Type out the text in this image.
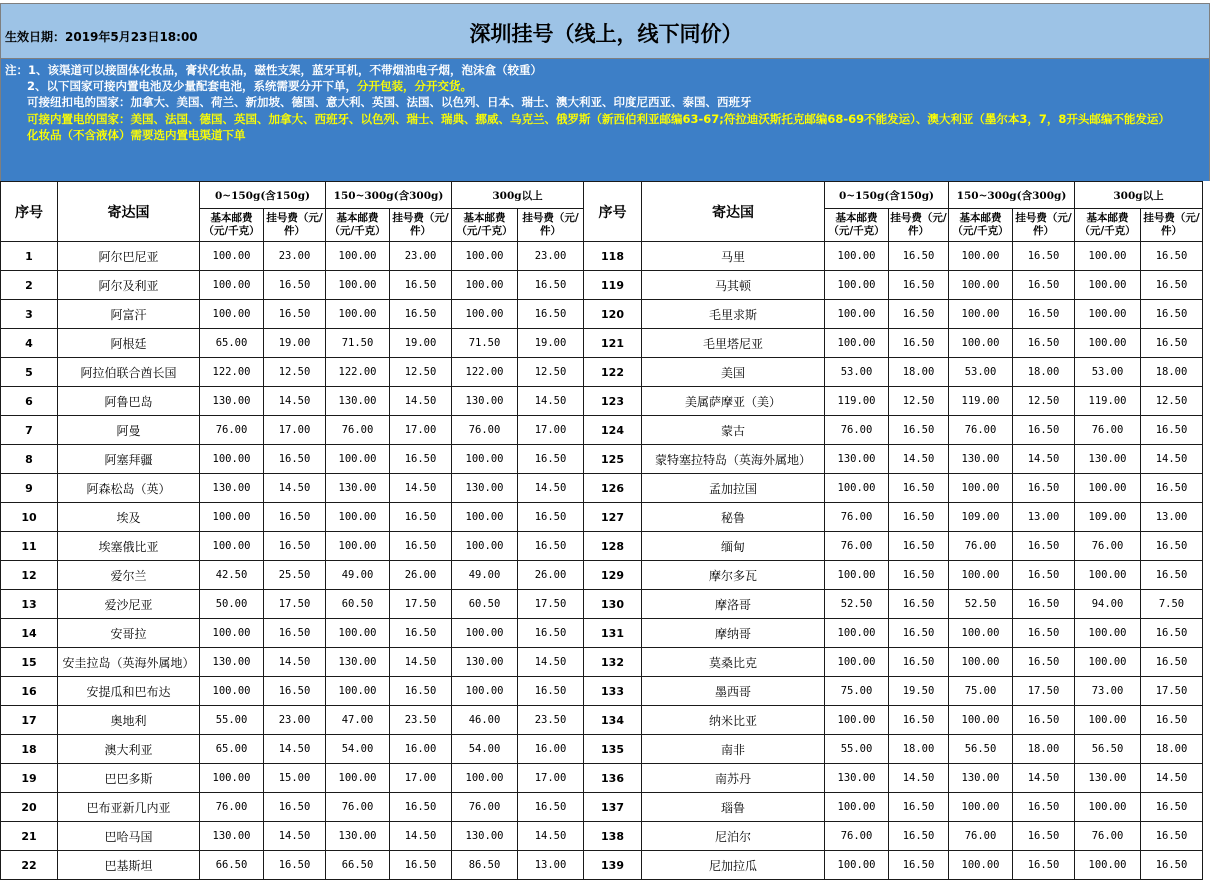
生效日期：2019年5月23日18:00	深圳挂号（线上，线下同价）
注：1、该渠道可以接固体化妆品，膏状化妆品，磁性支架，蓝牙耳机，不带烟油电子烟，泡沫盒（较重）
2、以下国家可接内置电池及少量配套电池，系统需要分开下单，分开包装，分开交货。
可接纽扣电的国家：加拿大、美国、荷兰、新加坡、德国、意大利、英国、法国、以色列、日本、瑞士、澳大利亚、印度尼西亚、泰国、西班牙
可接内置电的国家：美国、法国、德国、英国、加拿大、西班牙、以色列、瑞士、瑞典、挪威、乌克兰、俄罗斯（新西伯利亚邮编63-67;符拉迪沃斯托克邮编68-69不能发运）、澳大利亚（墨尔本3，7，8开头邮编不能发运）
化妆品（不含液体）需要选内置电渠道下单
序号	寄达国	0~150g(含150g)		150~300g(含300g)		300g以上		序号	寄达国	0~150g(含150g)		150~300g(含300g)		300g以上	
		基本邮费（元/千克）	挂号费（元/件）	基本邮费（元/千克）	挂号费（元/件）	基本邮费（元/千克）	挂号费（元/件）			基本邮费（元/千克）	挂号费（元/件）	基本邮费（元/千克）	挂号费（元/件）	基本邮费（元/千克）	挂号费（元/件）
1	阿尔巴尼亚	100.00	23.00	100.00	23.00	100.00	23.00	118	马里	100.00	16.50	100.00	16.50	100.00	16.50
2	阿尔及利亚	100.00	16.50	100.00	16.50	100.00	16.50	119	马其顿	100.00	16.50	100.00	16.50	100.00	16.50
3	阿富汗	100.00	16.50	100.00	16.50	100.00	16.50	120	毛里求斯	100.00	16.50	100.00	16.50	100.00	16.50
4	阿根廷	65.00	19.00	71.50	19.00	71.50	19.00	121	毛里塔尼亚	100.00	16.50	100.00	16.50	100.00	16.50
5	阿拉伯联合酋长国	122.00	12.50	122.00	12.50	122.00	12.50	122	美国	53.00	18.00	53.00	18.00	53.00	18.00
6	阿鲁巴岛	130.00	14.50	130.00	14.50	130.00	14.50	123	美属萨摩亚（美）	119.00	12.50	119.00	12.50	119.00	12.50
7	阿曼	76.00	17.00	76.00	17.00	76.00	17.00	124	蒙古	76.00	16.50	76.00	16.50	76.00	16.50
8	阿塞拜疆	100.00	16.50	100.00	16.50	100.00	16.50	125	蒙特塞拉特岛（英海外属地）	130.00	14.50	130.00	14.50	130.00	14.50
9	阿森松岛（英）	130.00	14.50	130.00	14.50	130.00	14.50	126	孟加拉国	100.00	16.50	100.00	16.50	100.00	16.50
10	埃及	100.00	16.50	100.00	16.50	100.00	16.50	127	秘鲁	76.00	16.50	109.00	13.00	109.00	13.00
11	埃塞俄比亚	100.00	16.50	100.00	16.50	100.00	16.50	128	缅甸	76.00	16.50	76.00	16.50	76.00	16.50
12	爱尔兰	42.50	25.50	49.00	26.00	49.00	26.00	129	摩尔多瓦	100.00	16.50	100.00	16.50	100.00	16.50
13	爱沙尼亚	50.00	17.50	60.50	17.50	60.50	17.50	130	摩洛哥	52.50	16.50	52.50	16.50	94.00	7.50
14	安哥拉	100.00	16.50	100.00	16.50	100.00	16.50	131	摩纳哥	100.00	16.50	100.00	16.50	100.00	16.50
15	安圭拉岛（英海外属地）	130.00	14.50	130.00	14.50	130.00	14.50	132	莫桑比克	100.00	16.50	100.00	16.50	100.00	16.50
16	安提瓜和巴布达	100.00	16.50	100.00	16.50	100.00	16.50	133	墨西哥	75.00	19.50	75.00	17.50	73.00	17.50
17	奥地利	55.00	23.00	47.00	23.50	46.00	23.50	134	纳米比亚	100.00	16.50	100.00	16.50	100.00	16.50
18	澳大利亚	65.00	14.50	54.00	16.00	54.00	16.00	135	南非	55.00	18.00	56.50	18.00	56.50	18.00
19	巴巴多斯	100.00	15.00	100.00	17.00	100.00	17.00	136	南苏丹	130.00	14.50	130.00	14.50	130.00	14.50
20	巴布亚新几内亚	76.00	16.50	76.00	16.50	76.00	16.50	137	瑙鲁	100.00	16.50	100.00	16.50	100.00	16.50
21	巴哈马国	130.00	14.50	130.00	14.50	130.00	14.50	138	尼泊尔	76.00	16.50	76.00	16.50	76.00	16.50
22	巴基斯坦	66.50	16.50	66.50	16.50	86.50	13.00	139	尼加拉瓜	100.00	16.50	100.00	16.50	100.00	16.50
